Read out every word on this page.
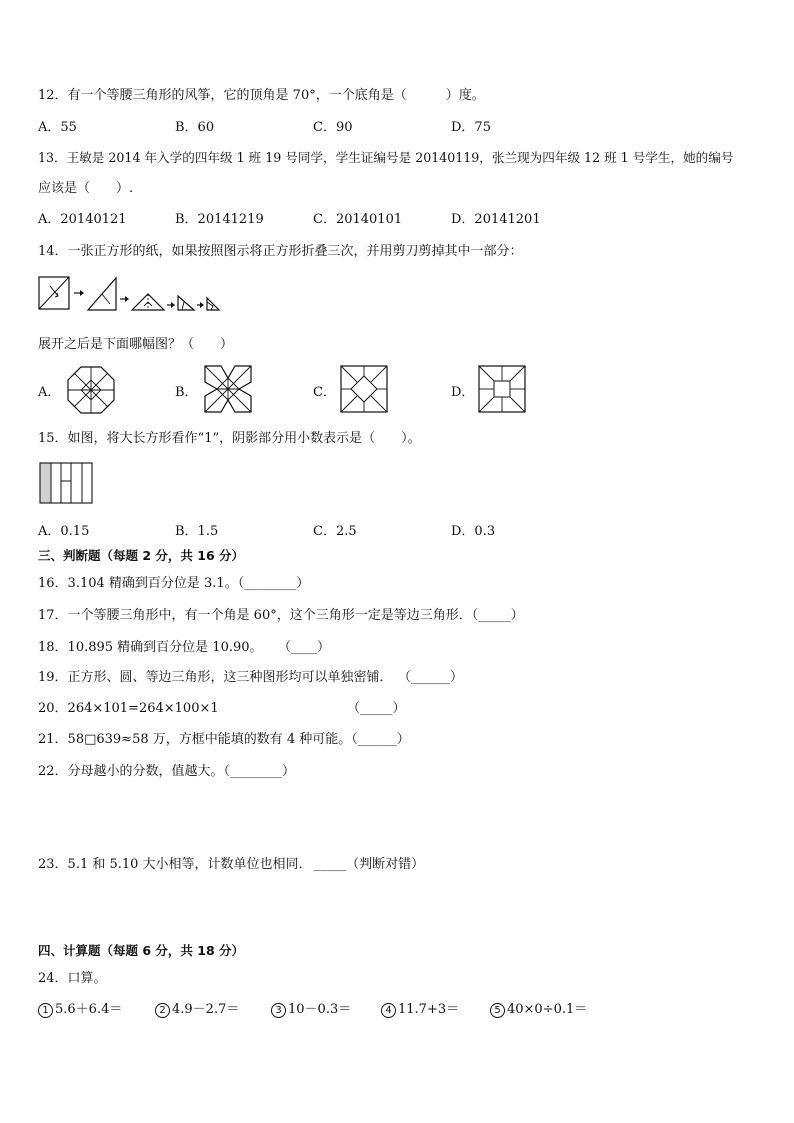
12．有一个等腰三角形的风筝，它的顶角是 70°，一个底角是（　　　）度。
A．55	B．60	C．90	D．75
13．王敏是 2014 年入学的四年级 1 班 19 号同学，学生证编号是 20140119，张兰现为四年级 12 班 1 号学生，她的编号
应该是（　　）.
A．20140121	B．20141219	C．20140101	D．20141201
14．一张正方形的纸，如果按照图示将正方形折叠三次，并用剪刀剪掉其中一部分：
展开之后是下面哪幅图？（　　）
A．	B．	C．	D．
15．如图，将大长方形看作“1”，阴影部分用小数表示是（　　）。
A．0.15	B．1.5	C．2.5	D．0.3
三、判断题（每题 2 分，共 16 分）
16．3.104 精确到百分位是 3.1。（________）
17．一个等腰三角形中，有一个角是 60°，这个三角形一定是等边三角形．（_____）
18．10.895 精确到百分位是 10.90。 （____）
19．正方形、圆、等边三角形，这三种图形均可以单独密铺． （______）
20．264×101=264×100×1	（_____）
21．58□639≈58 万，方框中能填的数有 4 种可能。（______）
22．分母越小的分数，值越大。（________）
23．5.1 和 5.10 大小相等，计数单位也相同． _____（判断对错）
四、计算题（每题 6 分，共 18 分）
24．口算。
1 5.6＋6.4＝	2 4.9－2.7＝	3 10－0.3＝	4 11.7+3＝	5 40×0÷0.1＝
